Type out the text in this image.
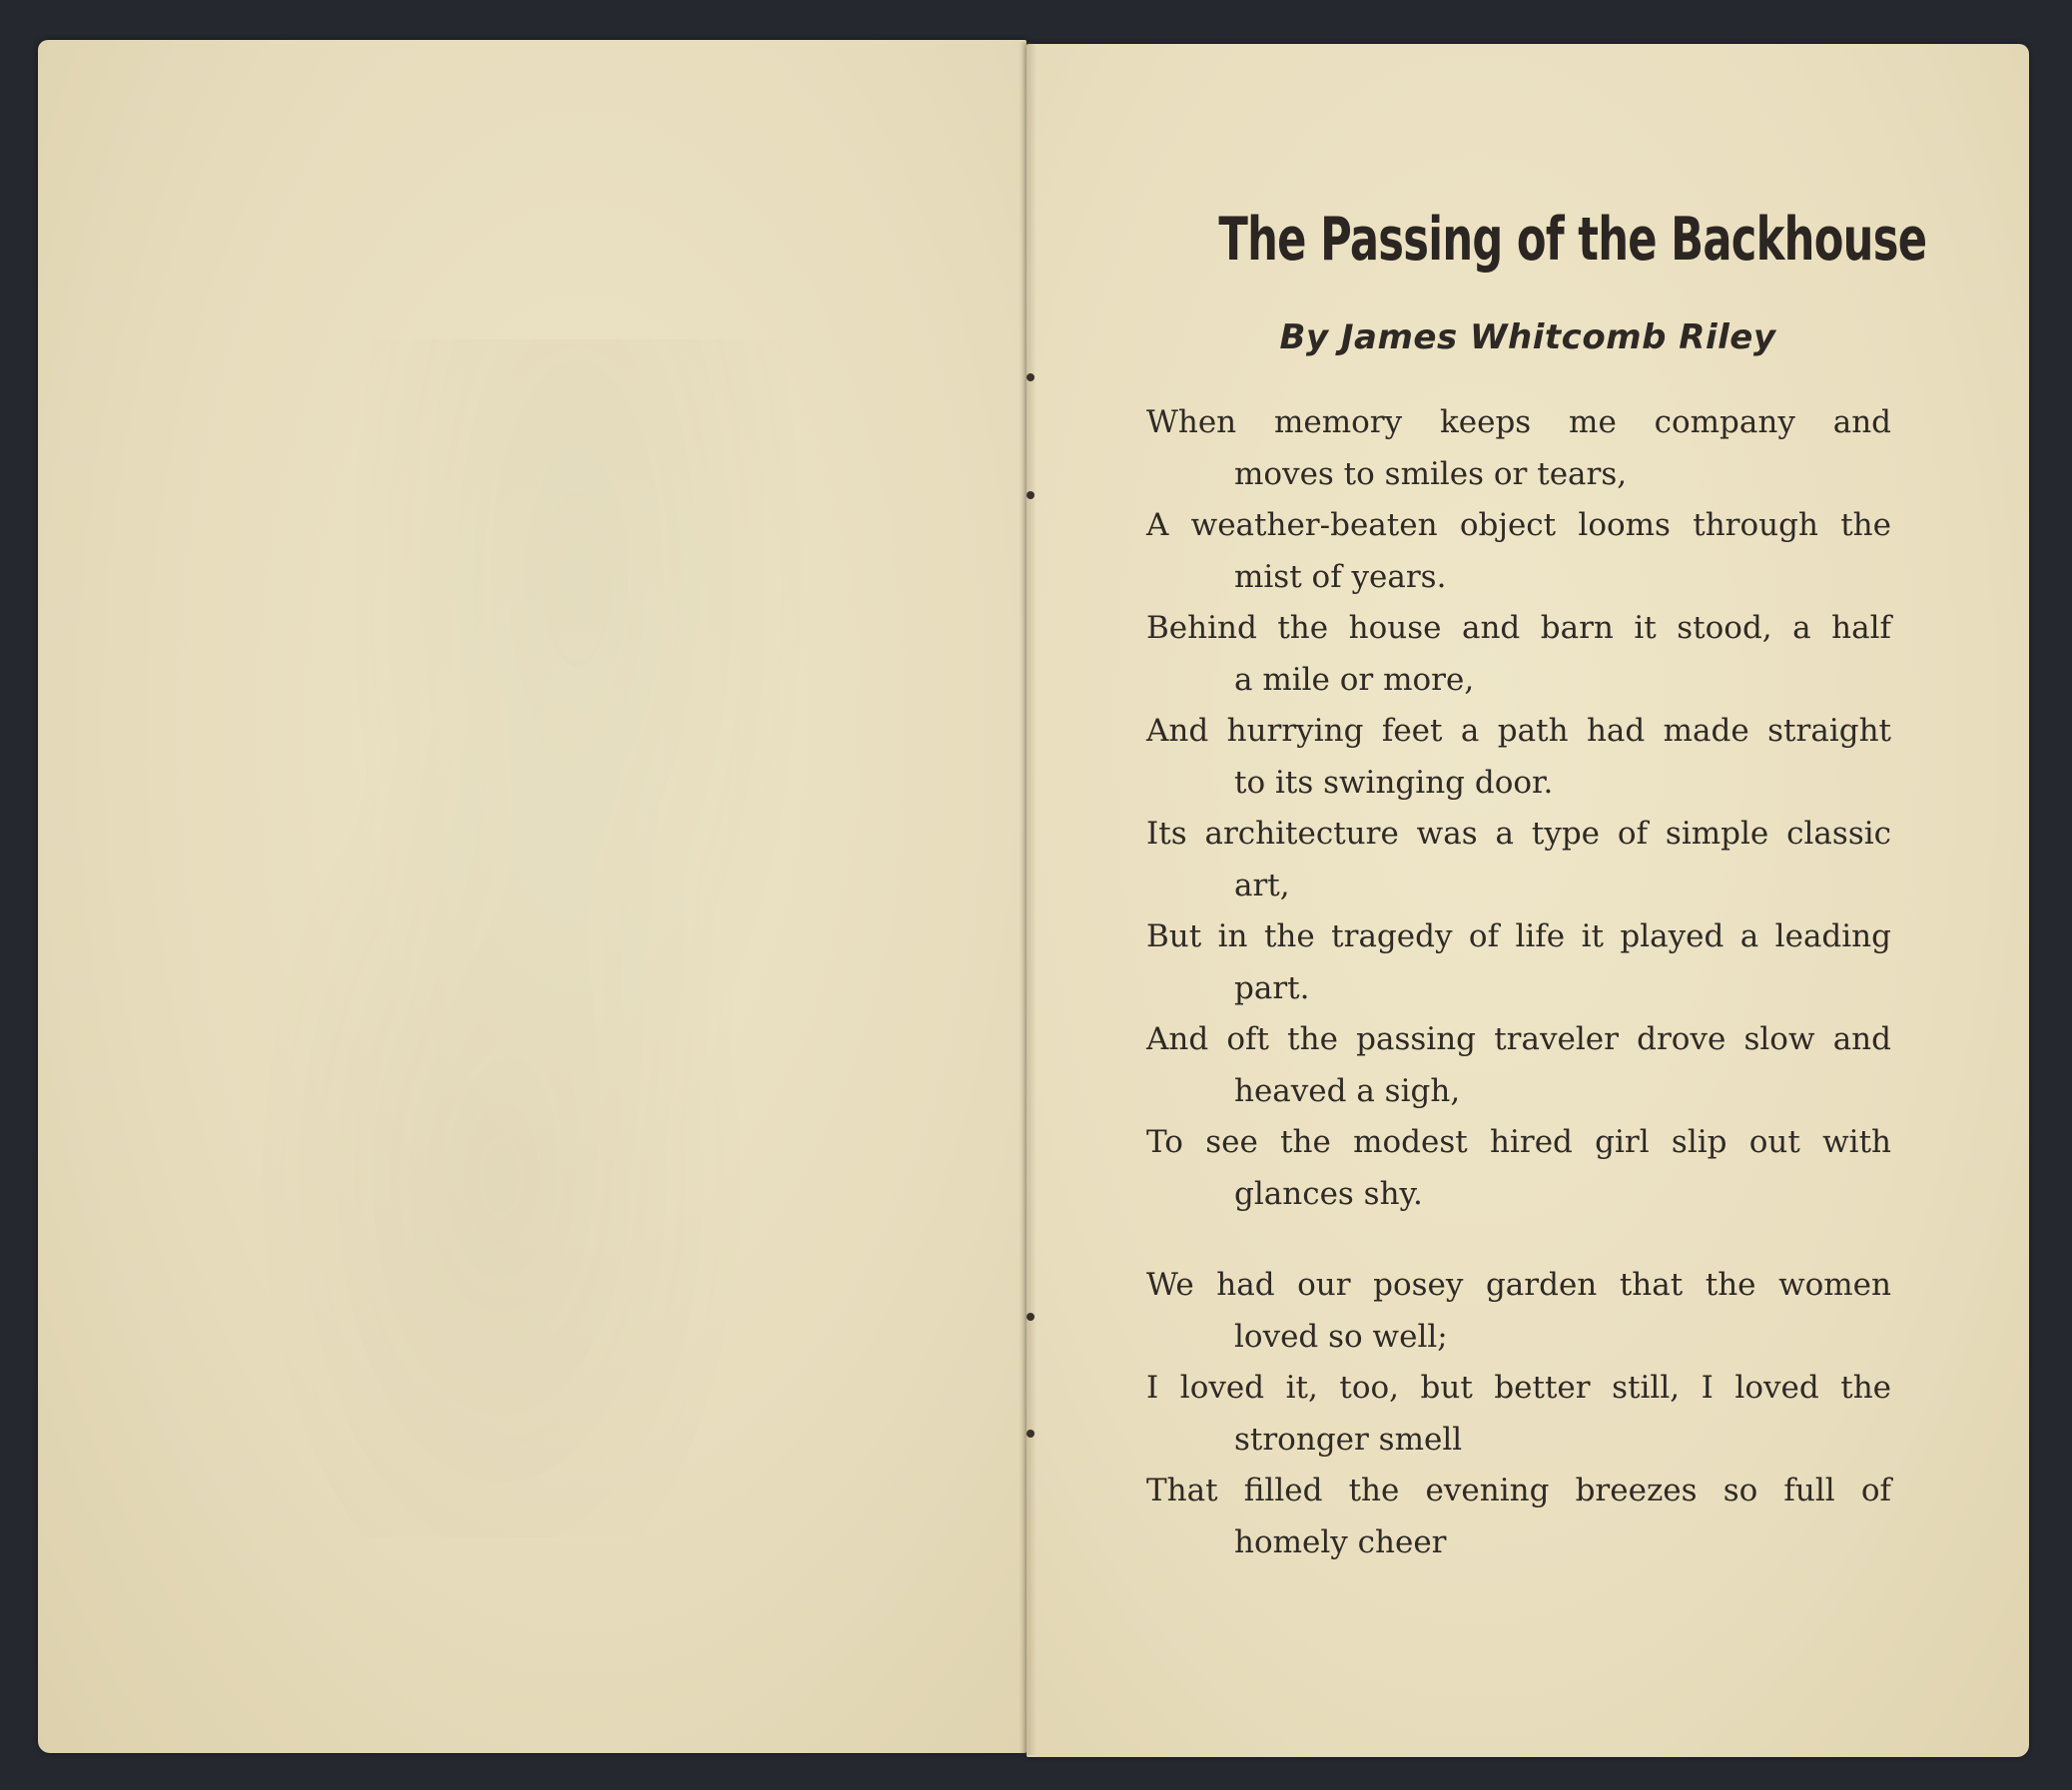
The Passing of the Backhouse
By James Whitcomb Riley
When memory keeps me company and
moves to smiles or tears,
A weather-beaten object looms through the
mist of years.
Behind the house and barn it stood, a half
a mile or more,
And hurrying feet a path had made straight
to its swinging door.
Its architecture was a type of simple classic
art,
But in the tragedy of life it played a leading
part.
And oft the passing traveler drove slow and
heaved a sigh,
To see the modest hired girl slip out with
glances shy.
We had our posey garden that the women
loved so well;
I loved it, too, but better still, I loved the
stronger smell
That filled the evening breezes so full of
homely cheer
